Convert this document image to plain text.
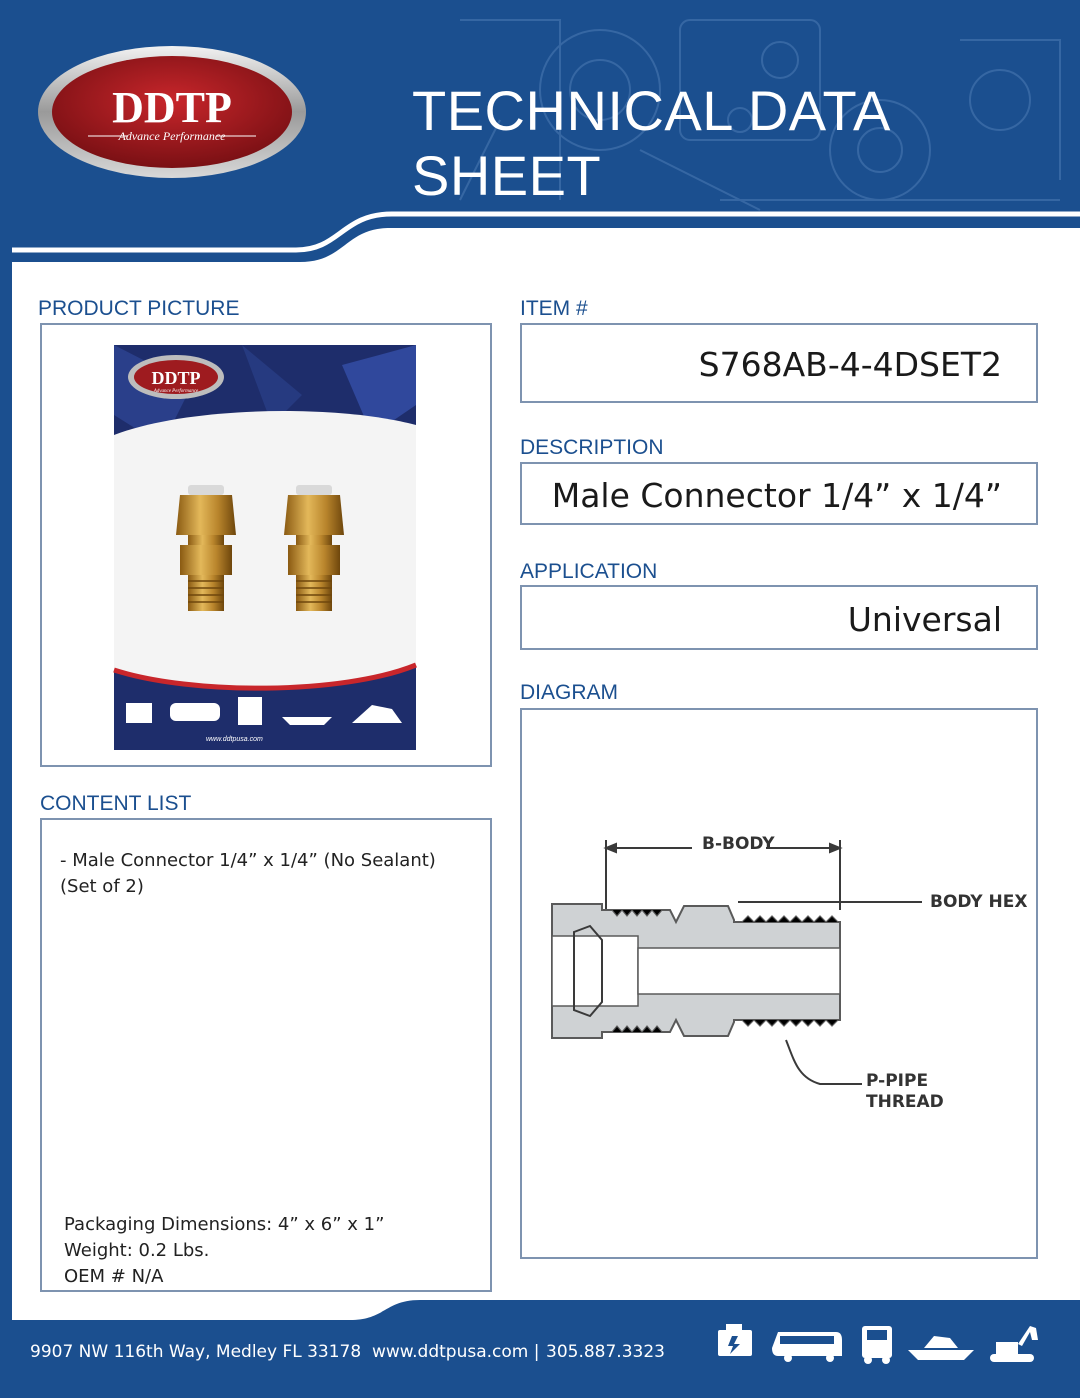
DDTP
Advance Performance	TECHNICAL DATA SHEET
PRODUCT PICTURE
DDTP
Advance Performance
www.ddtpusa.com
ITEM #
S768AB-4-4DSET2
DESCRIPTION
Male Connector 1/4” x 1/4”
APPLICATION
Universal
DIAGRAM
B-BODY
BODY HEX
P-PIPE
THREAD
CONTENT LIST
- Male Connector 1/4” x 1/4” (No Sealant)
(Set of 2)
Packaging Dimensions: 4” x 6” x 1”
Weight: 0.2 Lbs.
OEM # N/A
9907 NW 116th Way, Medley FL 33178 www.ddtpusa.com | 305.887.3323
